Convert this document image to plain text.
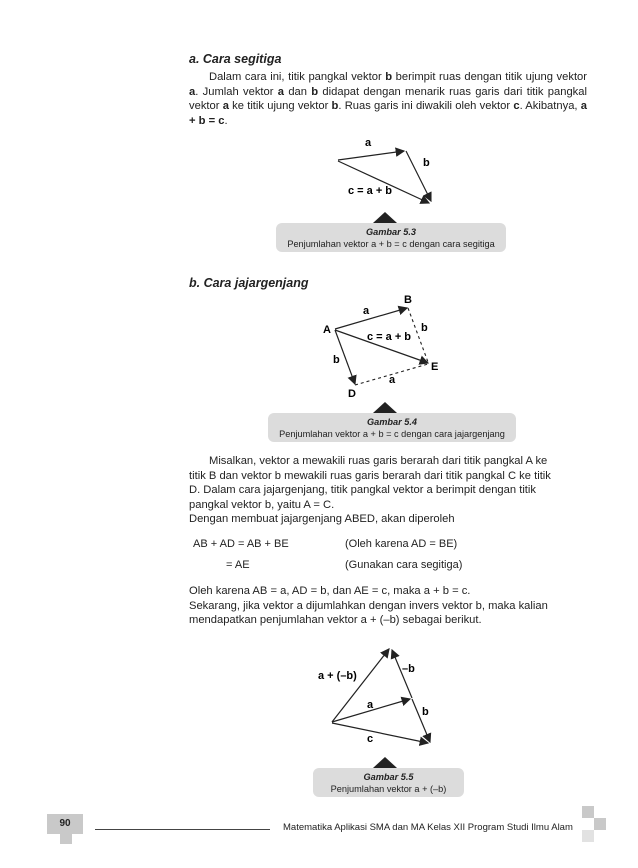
a. Cara segitiga
Dalam cara ini, titik pangkal vektor b berimpit ruas dengan titik ujung vektor a. Jumlah vektor a dan b didapat dengan menarik ruas garis dari titik pangkal vektor a ke titik ujung vektor b. Ruas garis ini diwakili oleh vektor c. Akibatnya, a + b = c.
a
b
c = a + b
Gambar 5.3
Penjumlahan vektor a + b = c dengan cara segitiga
b. Cara jajargenjang
B
A
D
E
a
a
b
b
c = a + b
Gambar 5.4
Penjumlahan vektor a + b = c dengan cara jajargenjang
Misalkan, vektor a mewakili ruas garis berarah dari titik pangkal A ke
titik B dan vektor b mewakili ruas garis berarah dari titik pangkal C ke titik
D. Dalam cara jajargenjang, titik pangkal vektor a berimpit dengan titik
pangkal vektor b, yaitu A = C.
Dengan membuat jajargenjang ABED, akan diperoleh
AB + AD = AB + BE	(Oleh karena AD = BE)
= AE	(Gunakan cara segitiga)
Oleh karena AB = a, AD = b, dan AE = c, maka a + b = c.
Sekarang, jika vektor a dijumlahkan dengan invers vektor b, maka kalian
mendapatkan penjumlahan vektor a + (–b) sebagai berikut.
a + (–b)
–b
a
b
c
Gambar 5.5
Penjumlahan vektor a + (–b)
90	Matematika Aplikasi SMA dan MA Kelas XII Program Studi Ilmu Alam
